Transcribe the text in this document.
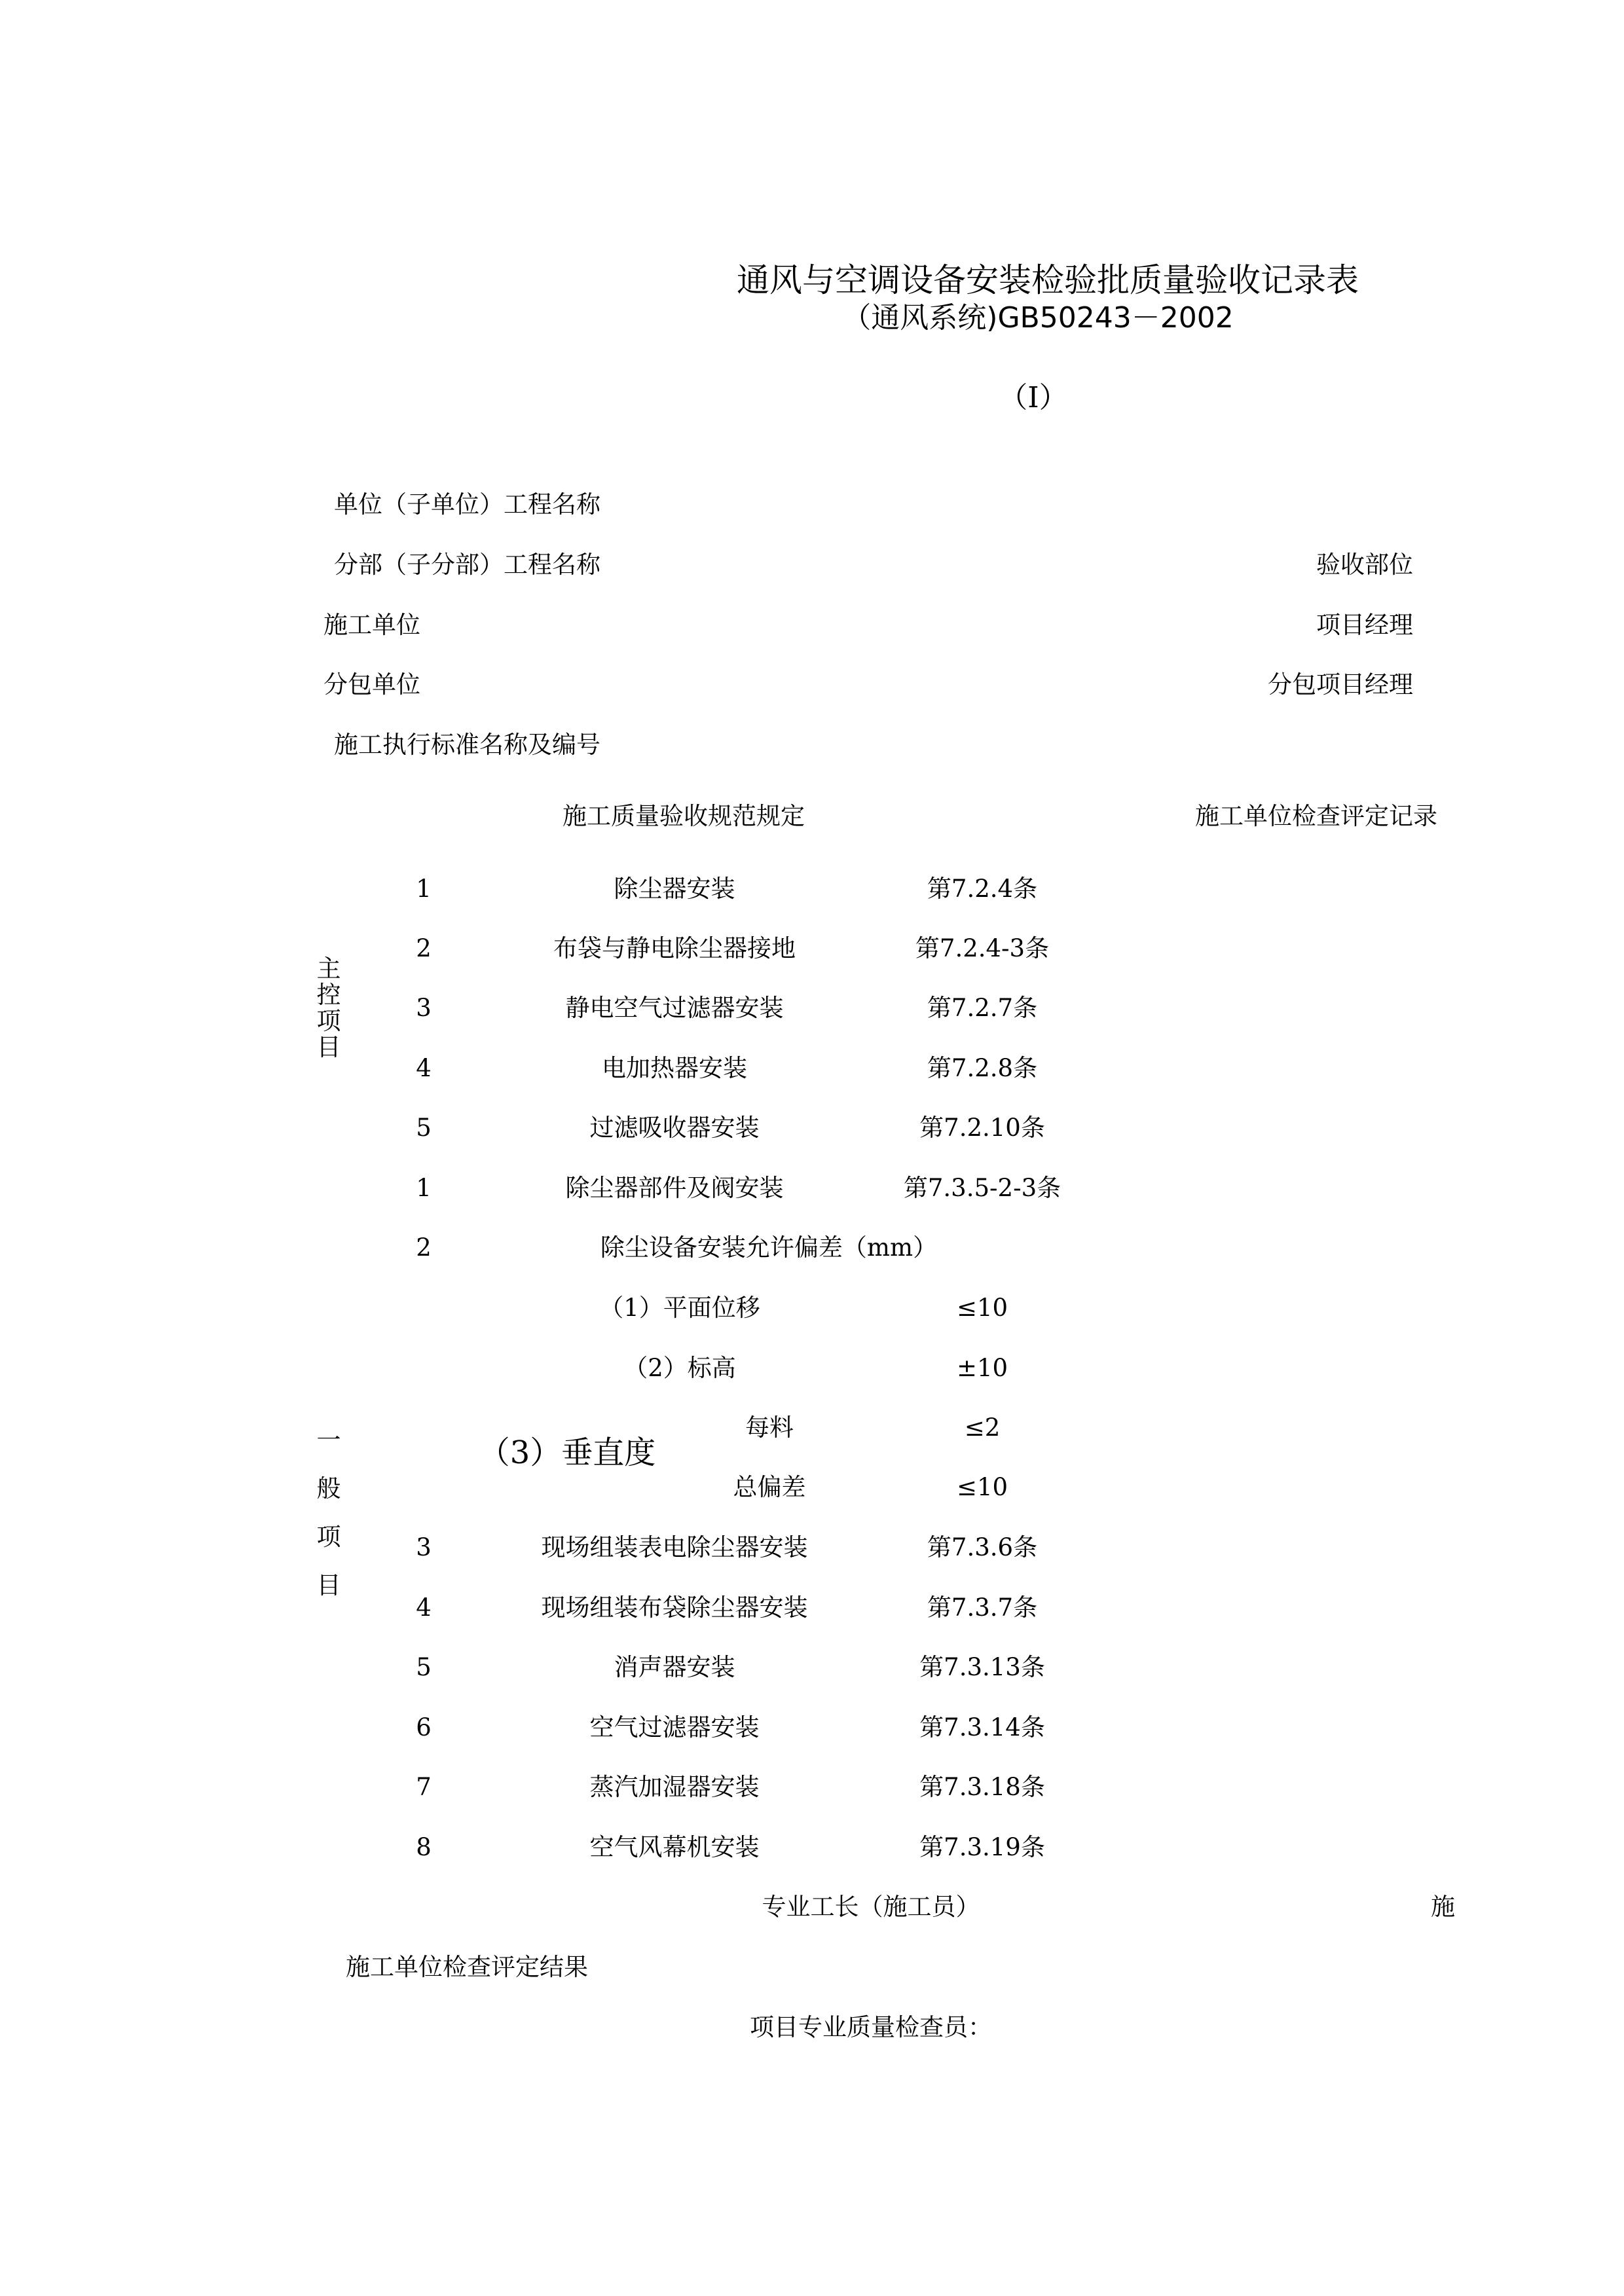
通风与空调设备安装检验批质量验收记录表
（通风系统)GB50243－2002
（Ⅰ）
单位（子单位）工程名称
分部（子分部）工程名称	验收部位
施工单位	项目经理
分包单位	分包项目经理
施工执行标准名称及编号
施工质量验收规范规定	施工单位检查评定记录
主
控
项
目
1	除尘器安装	第7.2.4条
2	布袋与静电除尘器接地	第7.2.4-3条
3	静电空气过滤器安装	第7.2.7条
4	电加热器安装	第7.2.8条
5	过滤吸收器安装	第7.2.10条
1	除尘器部件及阀安装	第7.3.5-2-3条
2	除尘设备安装允许偏差（mm）
（1）平面位移	≤10
（2）标高	±10
（3）垂直度
每料	≤2
总偏差	≤10
一
般
项
目
3	现场组装表电除尘器安装	第7.3.6条
4	现场组装布袋除尘器安装	第7.3.7条
5	消声器安装	第7.3.13条
6	空气过滤器安装	第7.3.14条
7	蒸汽加湿器安装	第7.3.18条
8	空气风幕机安装	第7.3.19条
专业工长（施工员）	施
施工单位检查评定结果
项目专业质量检查员：
